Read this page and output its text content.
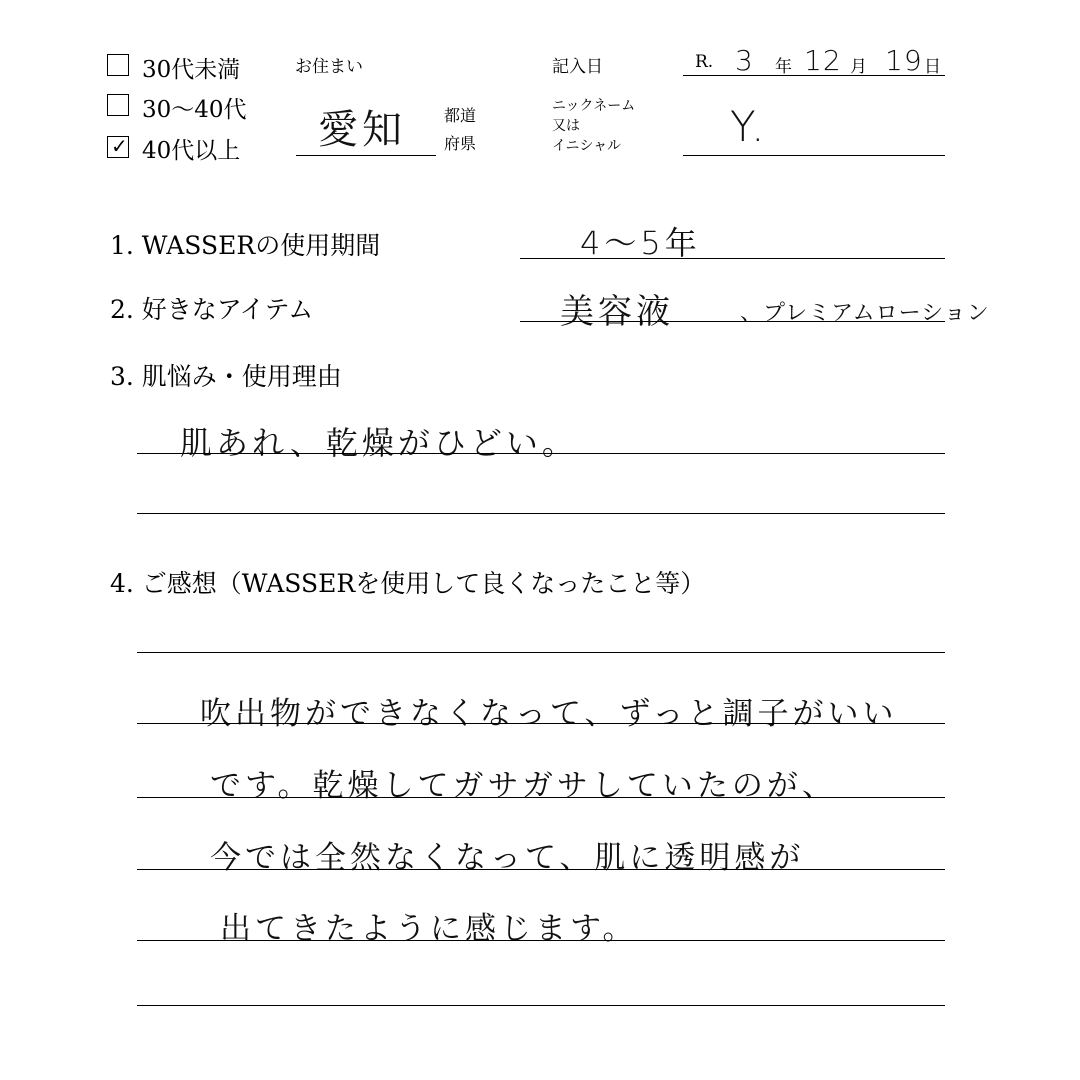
30代未満
30〜40代
✓ 40代以上
お住まい
愛知 都道
府県
記入日	R. 3 年 12 月 19 日
ニックネーム
又は
イニシャル	Y.
1. WASSERの使用期間	4〜5年
2. 好きなアイテム	美容液	、プレミアムローション
3. 肌悩み・使用理由
肌あれ、乾燥がひどい。
4. ご感想（WASSERを使用して良くなったこと等）
吹出物ができなくなって、ずっと調子がいい
です。乾燥してガサガサしていたのが、
今では全然なくなって、肌に透明感が
出てきたように感じます。
